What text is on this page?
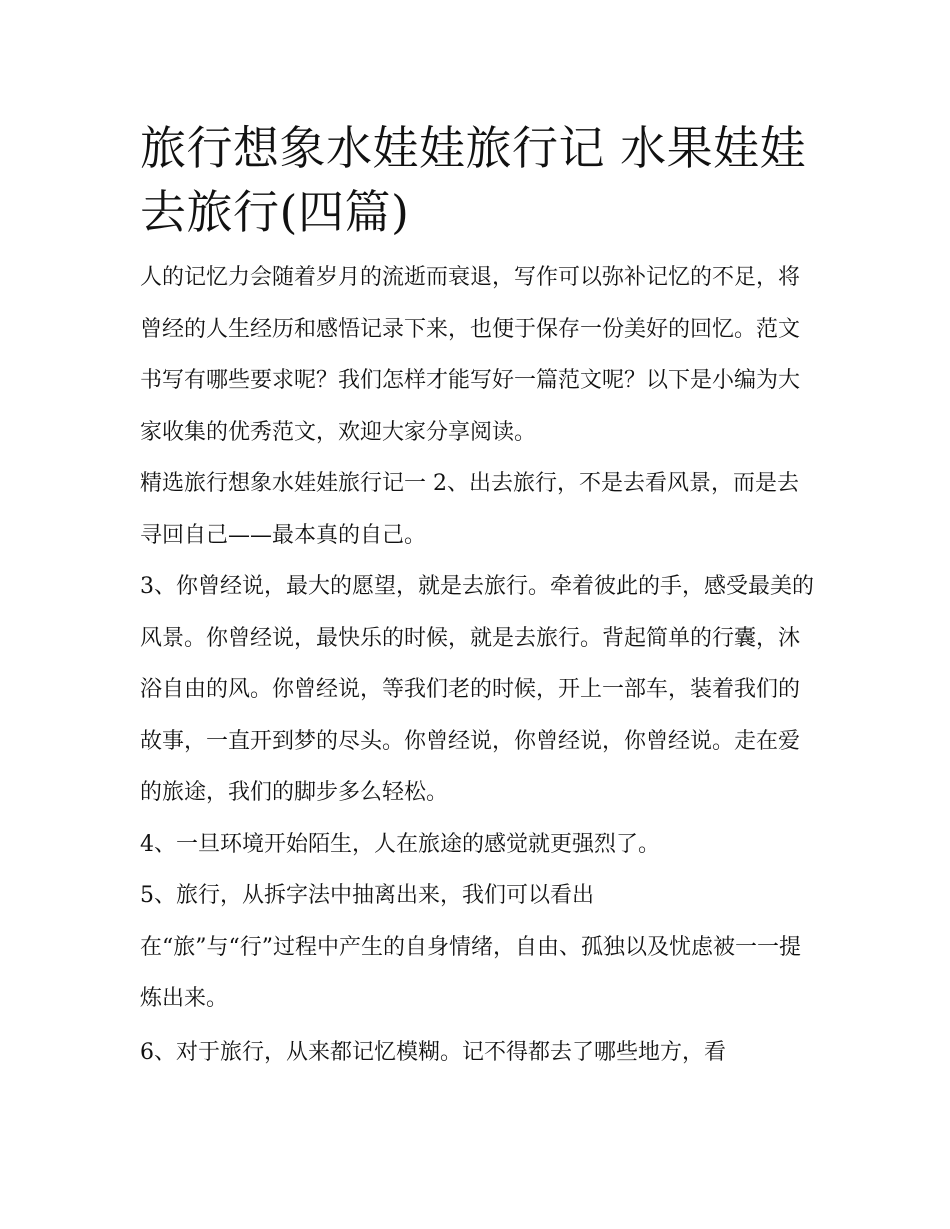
旅行想象水娃娃旅行记 水果娃娃去旅行(四篇)

人的记忆力会随着岁月的流逝而衰退，写作可以弥补记忆的不足，将曾经的人生经历和感悟记录下来，也便于保存一份美好的回忆。范文书写有哪些要求呢？我们怎样才能写好一篇范文呢？以下是小编为大家收集的优秀范文，欢迎大家分享阅读。

精选旅行想象水娃娃旅行记一 2、出去旅行，不是去看风景，而是去寻回自己——最本真的自己。

3、你曾经说，最大的愿望，就是去旅行。牵着彼此的手，感受最美的风景。你曾经说，最快乐的时候，就是去旅行。背起简单的行囊，沐浴自由的风。你曾经说，等我们老的时候，开上一部车，装着我们的故事，一直开到梦的尽头。你曾经说，你曾经说，你曾经说。走在爱的旅途，我们的脚步多么轻松。

4、一旦环境开始陌生，人在旅途的感觉就更强烈了。

5、旅行，从拆字法中抽离出来，我们可以看出

在“旅”与“行”过程中产生的自身情绪，自由、孤独以及忧虑被一一提炼出来。

6、对于旅行，从来都记忆模糊。记不得都去了哪些地方，看
